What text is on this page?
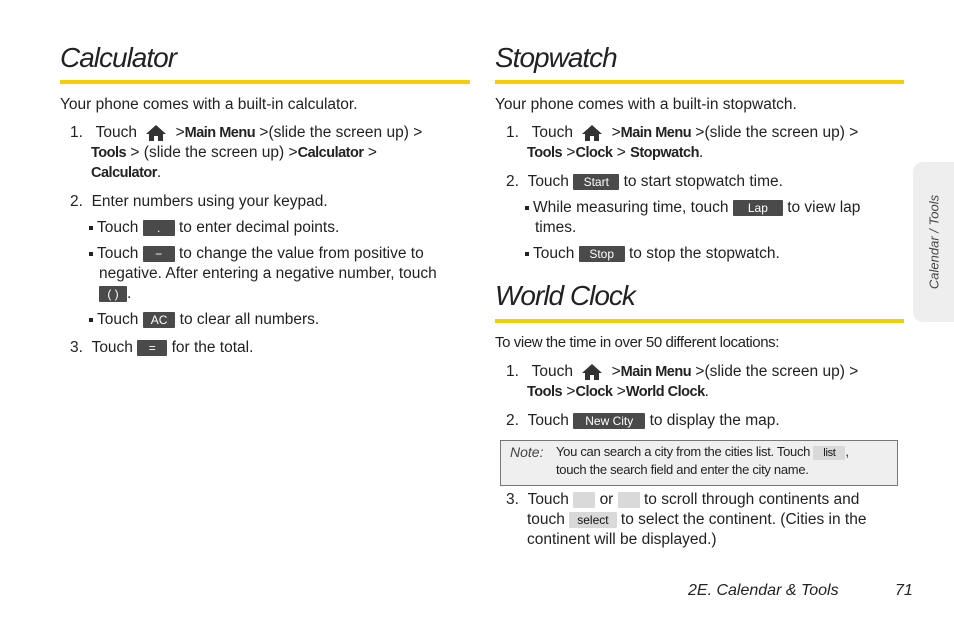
Calculator
Your phone comes with a built-in calculator.
1. Touch >Main Menu >(slide the screen up) >
Tools > (slide the screen up) >Calculator >
Calculator.
2. Enter numbers using your keypad.
Touch . to enter decimal points.
Touch − to change the value from positive to
negative. After entering a negative number, touch
( ) .
Touch AC to clear all numbers.
3. Touch = for the total.
Stopwatch
Your phone comes with a built-in stopwatch.
1. Touch >Main Menu >(slide the screen up) >
Tools >Clock > Stopwatch.
2. Touch Start to start stopwatch time.
While measuring time, touch Lap to view lap
times.
Touch Stop to stop the stopwatch.
World Clock
To view the time in over 50 different locations:
1. Touch >Main Menu >(slide the screen up) >
Tools >Clock >World Clock.
2. Touch New City to display the map.
Note: You can search a city from the cities list. Touch list ,
touch the search field and enter the city name.
3. Touch or to scroll through continents and
touch select to select the continent. (Cities in the
continent will be displayed.)
Calendar / Tools
2E. Calendar & Tools	71
